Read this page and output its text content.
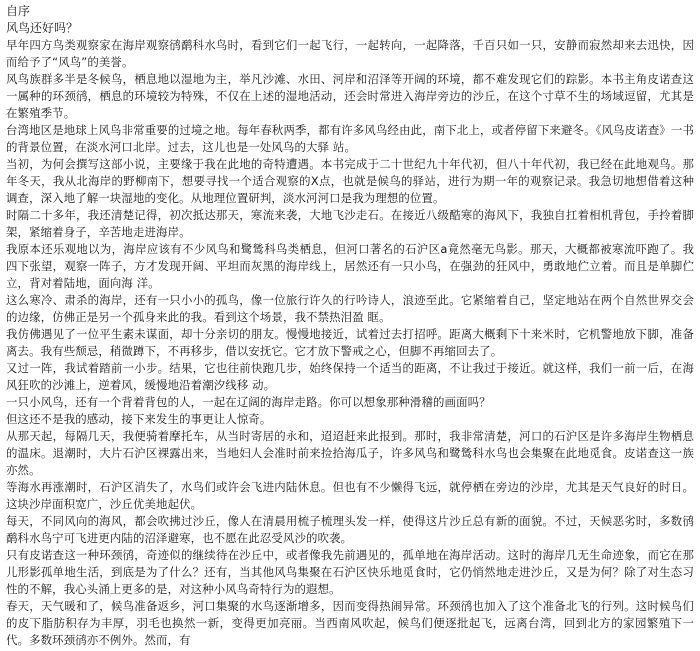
自序
风鸟还好吗？

早年四方鸟类观察家在海岸观察鸻鹬科水鸟时，看到它们一起飞行，一起转向，一起降落，千百只如一只，安静而寂然却来去迅快，因而给予了“风鸟”的美誉。

风鸟族群多半是冬候鸟，栖息地以湿地为主，举凡沙滩、水田、河岸和沼泽等开阔的环境，都不难发现它们的踪影。本书主角皮诺查这一属种的环颈鸻，栖息的环境较为特殊，不仅在上述的湿地活动，还会时常进入海岸旁边的沙丘，在这个寸草不生的场域逗留，尤其是在繁殖季节。

台湾地区是地球上风鸟非常重要的过境之地。每年春秋两季，都有许多风鸟经由此，南下北上，或者停留下来避冬。《风鸟皮诺查》一书的背景位置，在淡水河口北岸。过去，这儿也是一处风鸟的大驿 站。

当初，为何会撰写这部小说，主要缘于我在此地的奇特遭遇。本书完成于二十世纪九十年代初，但八十年代初，我已经在此地观鸟。那年冬天，我从北海岸的野柳南下，想要寻找一个适合观察的X点，也就是候鸟的驿站，进行为期一年的观察记录。我急切地想借着这种调查，深入地了解一块湿地的变化。从地理位置研判，淡水河河口是我为理想的位置。

时隔二十多年，我还清楚记得，初次抵达那天，寒流来袭，大地飞沙走石。在接近八级酷寒的海风下，我独自扛着相机背包，手拎着脚架，紧缩着身子，辛苦地走进海岸。

我原本还乐观地以为，海岸应该有不少风鸟和鹭鸶科鸟类栖息，但河口著名的石沪区a竟然毫无鸟影。那天，大概都被寒流吓跑了。我四下张望，观察一阵子，方才发现开阔、平坦而灰黑的海岸线上，居然还有一只小鸟，在强劲的狂风中，勇敢地伫立着。而且是单脚伫立，背对着陆地，面向海 洋。

这么寒冷、肃杀的海岸，还有一只小小的孤鸟，像一位旅行许久的行吟诗人，浪迹至此。它紧缩着自己，坚定地站在两个自然世界交会的边缘，仿佛正是另一个孤身来此的我。看到这个场景，我不禁热泪盈 眶。

我仿佛遇见了一位平生素未谋面，却十分亲切的朋友。慢慢地接近，试着过去打招呼。距离大概剩下十来米时，它机警地放下脚，准备离去。我有些颓忌，稍微蹲下，不再移步，借以安抚它。它才放下警戒之心，但脚不再缩回去了。

又过一阵，我试着踏前一小步。结果，它也往前快跑几步，始终保持一个适当的距离，不让我过于接近。就这样，我们一前一后，在海风狂吹的沙滩上，逆着风，缓慢地沿着潮汐线移 动。

一只小风鸟，还有一个背着背包的人，一起在辽阔的海岸走路。你可以想象那种滑稽的画面吗？

但这还不是我的感动，接下来发生的事更让人惊奇。

从那天起，每隔几天，我便骑着摩托车，从当时寄居的永和，迢迢赶来此报到。那时，我非常清楚，河口的石沪区是许多海岸生物栖息的温床。退潮时，大片石沪区裸露出来，当地妇人会准时前来捡拾海瓜子，许多风鸟和鹭鸶科水鸟也会集聚在此地觅食。皮诺查这一族亦然。

等海水再涨潮时，石沪区消失了，水鸟们或许会飞进内陆休息。但也有不少懒得飞远，就停栖在旁边的沙岸，尤其是天气良好的时日。这块沙岸面积宽广，沙丘优美地起伏。

每天，不同风向的海风，都会吹拂过沙丘，像人在清晨用梳子梳理头发一样，使得这片沙丘总有新的面貌。不过，天候恶劣时，多数鸻鹬科水鸟宁可飞进更内陆的沼泽避寒，也不愿在此忍受风沙的吹袭。

只有皮诺查这一种环颈鸻，奇迹似的继续待在沙丘中，或者像我先前遇见的，孤单地在海岸活动。这时的海岸几无生命迹象，而它在那儿形影孤单地生活，到底是为了什么？还有，当其他风鸟集聚在石沪区快乐地觅食时，它仍悄然地走进沙丘，又是为何？除了对生态习性的不解，我心头涌上更多的是，对这种小风鸟奇特行为的遐想。

春天，天气暖和了，候鸟准备返乡，河口集聚的水鸟逐渐增多，因而变得热闹异常。环颈鸻也加入了这个准备北飞的行列。这时候鸟们的皮下脂肪积存为丰厚，羽毛也换然一新，变得更加亮丽。当西南风吹起，候鸟们便逐批起飞，远离台湾，回到北方的家园繁殖下一代。多数环颈鸻亦不例外。然而，有
